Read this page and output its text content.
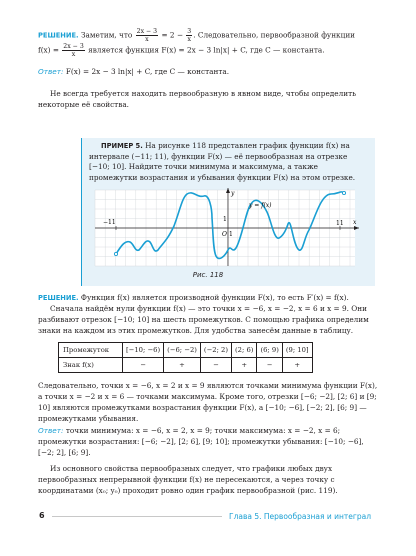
РЕШЕНИЕ. Заметим, что $\frac{2x - 3}{x} = 2 - \frac{3}{x}$ . Следовательно, первообразной функции
$f(x) = \frac{2x - 3}{x}$ является функция F(x) = 2x − 3 ln|x| + C, где C — константа.
Ответ: F(x) = 2x − 3 ln|x| + C, где C — константа.
Не всегда требуется находить первообразную в явном виде, чтобы определить некоторые её свойства.
ПРИМЕР 5. На рисунке 118 представлен график функции f(x) на интервале (−11; 11), функции F(x) — её первообразная на отрезке [−10; 10]. Найдите точки минимума и максимума, а также промежутки возрастания и убывания функции F(x) на этом отрезке.
−11	11
O 1
1	x
y
y = f(x)
Рис. 118
РЕШЕНИЕ. Функция f(x) является производной функции F(x), то есть F′(x) = f(x).
Сначала найдём нули функции f(x) — это точки x = −6, x = −2, x = 6 и x = 9. Они разбивают отрезок [−10; 10] на шесть промежутков. С помощью графика определим знаки на каждом из этих промежутков. Для удобства занесём данные в таблицу.
Промежуток	[−10; −6)	(−6; −2)	(−2; 2)	(2; 6)	(6; 9)	(9; 10]
Знак f(x)	−	+	−	+	−	+
Следовательно, точки x = −6, x = 2 и x = 9 являются точками минимума функции F(x), а точки x = −2 и x = 6 — точками максимума. Кроме того, отрезки [−6; −2], [2; 6] и [9; 10] являются промежутками возрастания функции F(x), а [−10; −6], [−2; 2], [6; 9] — промежутками убывания.
Ответ: точки минимума: x = −6, x = 2, x = 9; точки максимума: x = −2, x = 6; промежутки возрастания: [−6; −2], [2; 6], [9; 10]; промежутки убывания: [−10; −6], [−2; 2], [6; 9].
Из основного свойства первообразных следует, что графики любых двух первообразных непрерывной функции f(x) не пересекаются, а через точку с координатами (x₀; y₀) проходит ровно один график первообразной (рис. 119).
6	Глава 5. Первообразная и интеграл
